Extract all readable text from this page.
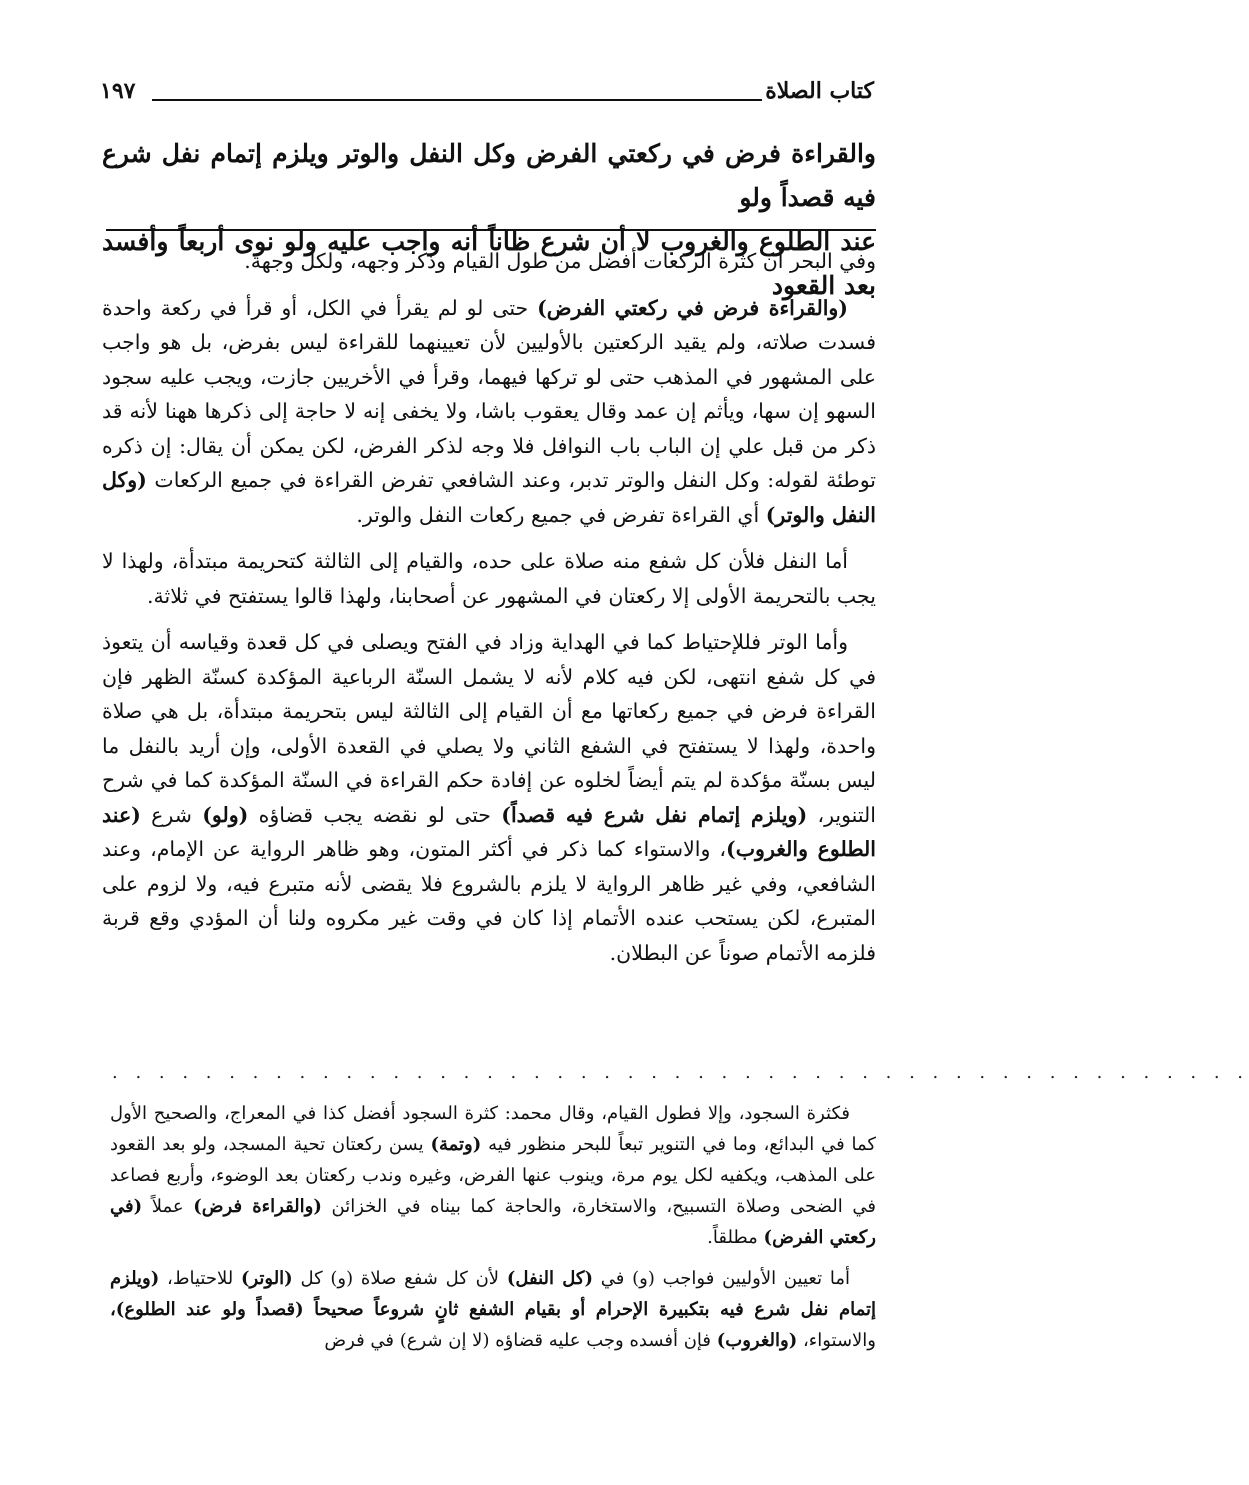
كتاب الصلاة
١٩٧
والقراءة فرض في ركعتي الفرض وكل النفل والوتر ويلزم إتمام نفل شرع فيه قصداً ولو
عند الطلوع والغروب لا أن شرع ظاناً أنه واجب عليه ولو نوى أربعاً وأفسد بعد القعود

وفي البحر أن كثرة الركعات أفضل من طول القيام وذكر وجهه، ولكل وجهة.

(والقراءة فرض في ركعتي الفرض) حتى لو لم يقرأ في الكل، أو قرأ في ركعة واحدة فسدت صلاته، ولم يقيد الركعتين بالأوليين لأن تعيينهما للقراءة ليس بفرض، بل هو واجب على المشهور في المذهب حتى لو تركها فيهما، وقرأ في الأخريين جازت، ويجب عليه سجود السهو إن سها، ويأثم إن عمد وقال يعقوب باشا، ولا يخفى إنه لا حاجة إلى ذكرها ههنا لأنه قد ذكر من قبل علي إن الباب باب النوافل فلا وجه لذكر الفرض، لكن يمكن أن يقال: إن ذكره توطئة لقوله: وكل النفل والوتر تدبر، وعند الشافعي تفرض القراءة في جميع الركعات (وكل النفل والوتر) أي القراءة تفرض في جميع ركعات النفل والوتر.

أما النفل فلأن كل شفع منه صلاة على حده، والقيام إلى الثالثة كتحريمة مبتدأة، ولهذا لا يجب بالتحريمة الأولى إلا ركعتان في المشهور عن أصحابنا، ولهذا قالوا يستفتح في ثلاثة.

وأما الوتر فللإحتياط كما في الهداية وزاد في الفتح ويصلى في كل قعدة وقياسه أن يتعوذ في كل شفع انتهى، لكن فيه كلام لأنه لا يشمل السنّة الرباعية المؤكدة كسنّة الظهر فإن القراءة فرض في جميع ركعاتها مع أن القيام إلى الثالثة ليس بتحريمة مبتدأة، بل هي صلاة واحدة، ولهذا لا يستفتح في الشفع الثاني ولا يصلي في القعدة الأولى، وإن أريد بالنفل ما ليس بسنّة مؤكدة لم يتم أيضاً لخلوه عن إفادة حكم القراءة في السنّة المؤكدة كما في شرح التنوير، (ويلزم إتمام نفل شرع فيه قصداً) حتى لو نقضه يجب قضاؤه (ولو) شرع (عند الطلوع والغروب)، والاستواء كما ذكر في أكثر المتون، وهو ظاهر الرواية عن الإمام، وعند الشافعي، وفي غير ظاهر الرواية لا يلزم بالشروع فلا يقضى لأنه متبرع فيه، ولا لزوم على المتبرع، لكن يستحب عنده الأتمام إذا كان في وقت غير مكروه ولنا أن المؤدي وقع قربة فلزمه الأتمام صوناً عن البطلان.

. . . . . . . . . . . . . . . . . . . . . . . . . . . . . . . . . . . . . . . . . . . . . . . . .

فكثرة السجود، وإلا فطول القيام، وقال محمد: كثرة السجود أفضل كذا في المعراج، والصحيح الأول كما في البدائع، وما في التنوير تبعاً للبحر منظور فيه (وتمة) يسن ركعتان تحية المسجد، ولو بعد القعود على المذهب، ويكفيه لكل يوم مرة، وينوب عنها الفرض، وغيره وندب ركعتان بعد الوضوء، وأربع فصاعد في الضحى وصلاة التسبيح، والاستخارة، والحاجة كما بيناه في الخزائن (والقراءة فرض) عملاً (في ركعتي الفرض) مطلقاً.

أما تعيين الأوليين فواجب (و) في (كل النفل) لأن كل شفع صلاة (و) كل (الوتر) للاحتياط، (ويلزم إتمام نفل شرع فيه بتكبيرة الإحرام أو بقيام الشفع ثانٍ شروعاً صحيحاً (قصداً ولو عند الطلوع)، والاستواء، (والغروب) فإن أفسده وجب عليه قضاؤه (لا إن شرع) في فرض
